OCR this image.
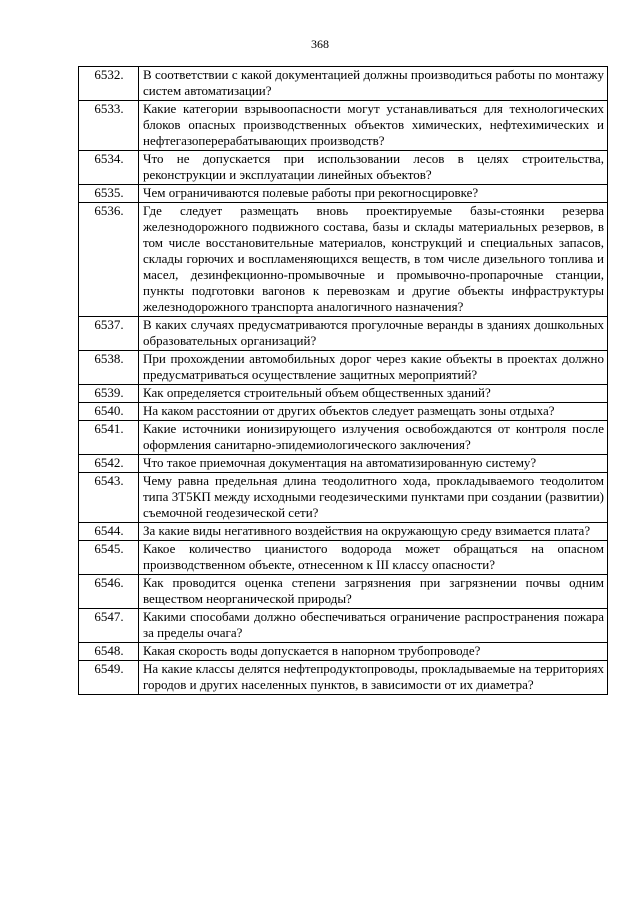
368
6532.	В соответствии с какой документацией должны производиться работы по монтажу систем автоматизации?
6533.	Какие категории взрывоопасности могут устанавливаться для технологических блоков опасных производственных объектов химических, нефтехимических и нефтегазоперерабатывающих производств?
6534.	Что не допускается при использовании лесов в целях строительства, реконструкции и эксплуатации линейных объектов?
6535.	Чем ограничиваются полевые работы при рекогносцировке?
6536.	Где следует размещать вновь проектируемые базы-стоянки резерва железнодорожного подвижного состава, базы и склады материальных резервов, в том числе восстановительные материалов, конструкций и специальных запасов, склады горючих и воспламеняющихся веществ, в том числе дизельного топлива и масел, дезинфекционно-промывочные и промывочно-пропарочные станции, пункты подготовки вагонов к перевозкам и другие объекты инфраструктуры железнодорожного транспорта аналогичного назначения?
6537.	В каких случаях предусматриваются прогулочные веранды в зданиях дошкольных образовательных организаций?
6538.	При прохождении автомобильных дорог через какие объекты в проектах должно предусматриваться осуществление защитных мероприятий?
6539.	Как определяется строительный объем общественных зданий?
6540.	На каком расстоянии от других объектов следует размещать зоны отдыха?
6541.	Какие источники ионизирующего излучения освобождаются от контроля после оформления санитарно-эпидемиологического заключения?
6542.	Что такое приемочная документация на автоматизированную систему?
6543.	Чему равна предельная длина теодолитного хода, прокладываемого теодолитом типа 3Т5КП между исходными геодезическими пунктами при создании (развитии) съемочной геодезической сети?
6544.	За какие виды негативного воздействия на окружающую среду взимается плата?
6545.	Какое количество цианистого водорода может обращаться на опасном производственном объекте, отнесенном к III классу опасности?
6546.	Как проводится оценка степени загрязнения при загрязнении почвы одним веществом неорганической природы?
6547.	Какими способами должно обеспечиваться ограничение распространения пожара за пределы очага?
6548.	Какая скорость воды допускается в напорном трубопроводе?
6549.	На какие классы делятся нефтепродуктопроводы, прокладываемые на территориях городов и других населенных пунктов, в зависимости от их диаметра?
